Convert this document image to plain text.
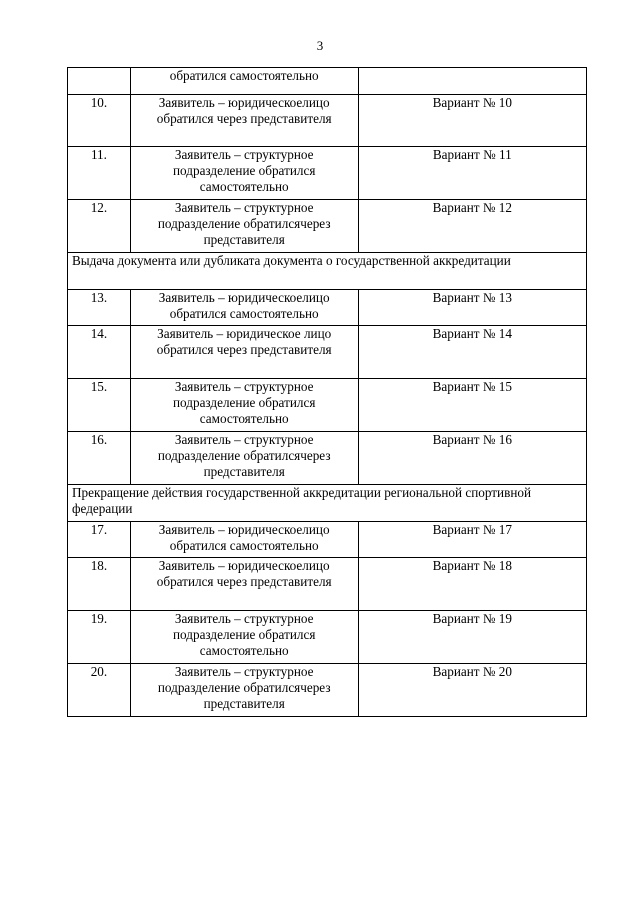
3
	обратился самостоятельно	
10.	Заявитель – юридическоелицо обратился через представителя	Вариант № 10
11.	Заявитель – структурное подразделение обратился самостоятельно	Вариант № 11
12.	Заявитель – структурное подразделение обратилсячерез представителя	Вариант № 12
Выдача документа или дубликата документа о государственной аккредитации		
13.	Заявитель – юридическоелицо обратился самостоятельно	Вариант № 13
14.	Заявитель – юридическое лицо обратился через представителя	Вариант № 14
15.	Заявитель – структурное подразделение обратился самостоятельно	Вариант № 15
16.	Заявитель – структурное подразделение обратилсячерез представителя	Вариант № 16
Прекращение действия государственной аккредитации региональной спортивной федерации		
17.	Заявитель – юридическоелицо обратился самостоятельно	Вариант № 17
18.	Заявитель – юридическоелицо обратился через представителя	Вариант № 18
19.	Заявитель – структурное подразделение обратился самостоятельно	Вариант № 19
20.	Заявитель – структурное подразделение обратилсячерез представителя	Вариант № 20
